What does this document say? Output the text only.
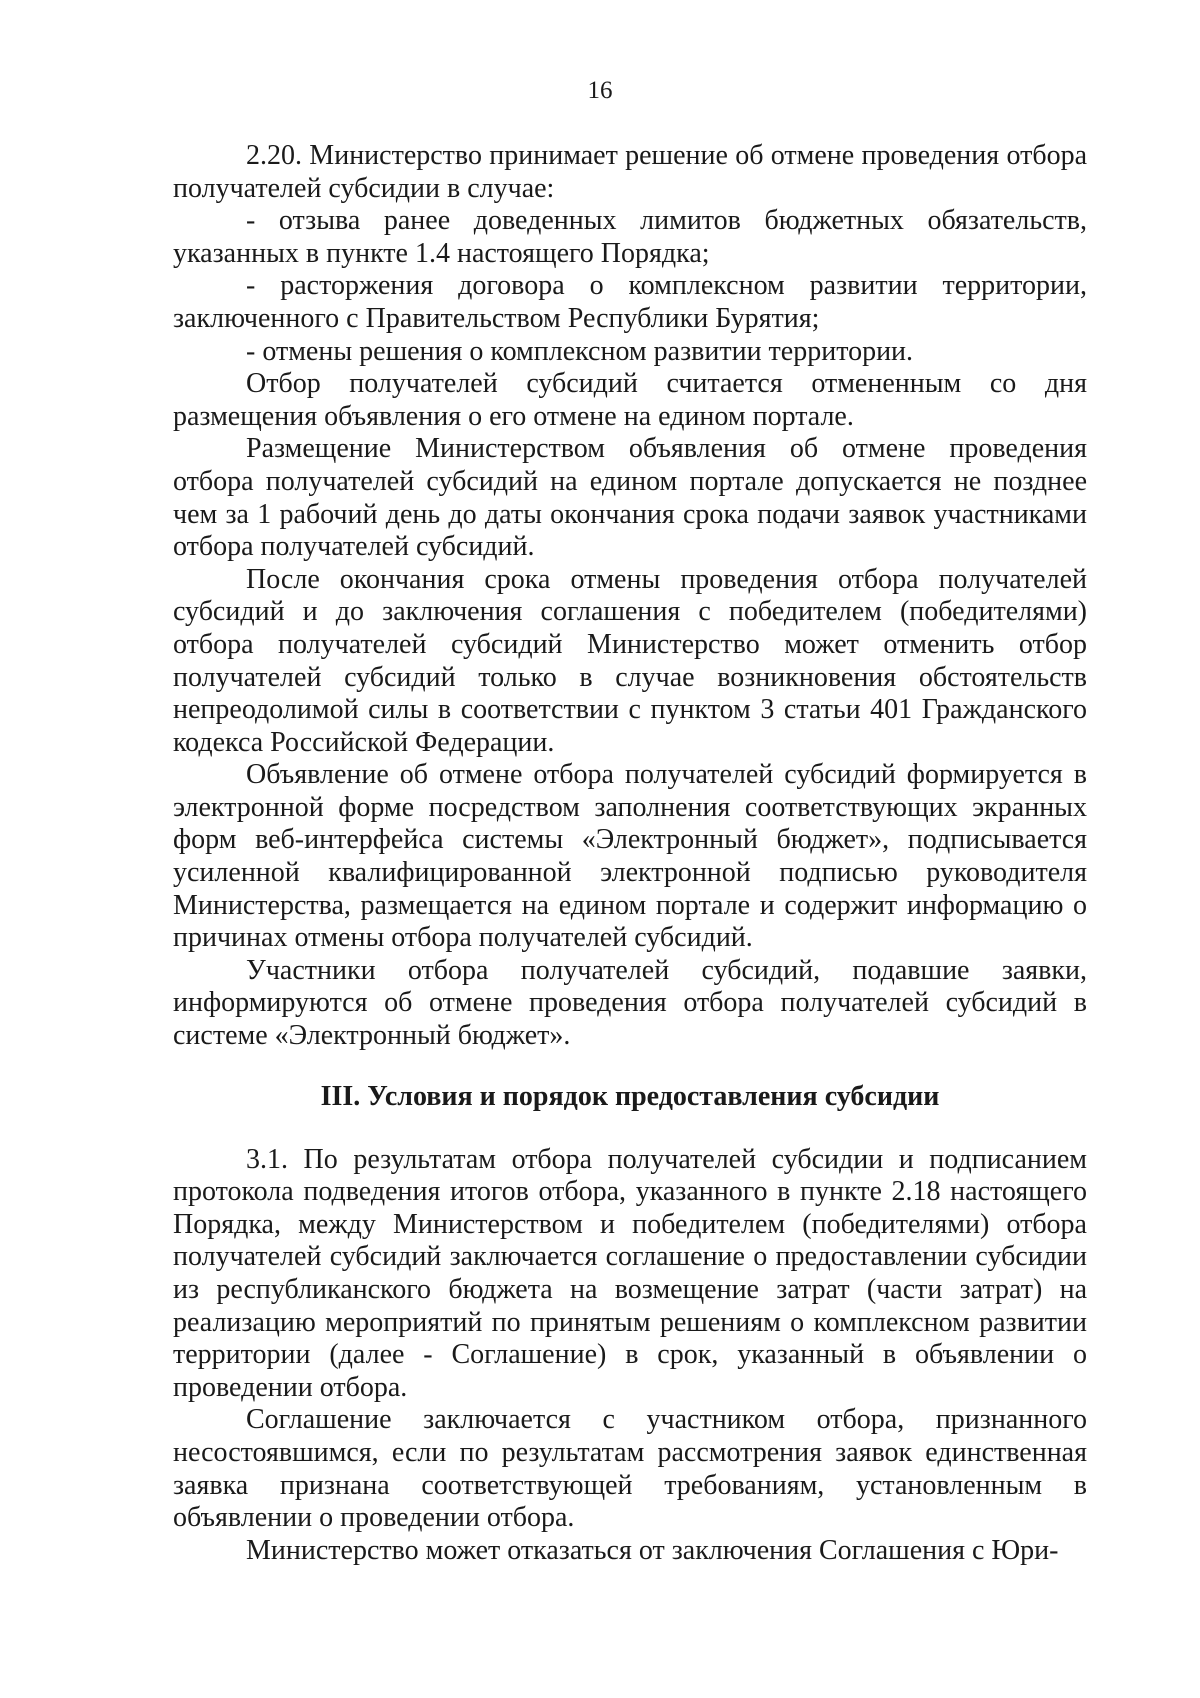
16

2.20. Министерство принимает решение об отмене проведения отбора получателей субсидии в случае:

- отзыва ранее доведенных лимитов бюджетных обязательств, указанных в пункте 1.4 настоящего Порядка;

- расторжения договора о комплексном развитии территории, заключенного с Правительством Республики Бурятия;

- отмены решения о комплексном развитии территории.

Отбор получателей субсидий считается отмененным со дня размещения объявления о его отмене на едином портале.

Размещение Министерством объявления об отмене проведения отбора получателей субсидий на едином портале допускается не позднее чем за 1 рабочий день до даты окончания срока подачи заявок участниками отбора получателей субсидий.

После окончания срока отмены проведения отбора получателей субсидий и до заключения соглашения с победителем (победителями) отбора получателей субсидий Министерство может отменить отбор получателей субсидий только в случае возникновения обстоятельств непреодолимой силы в соответствии с пунктом 3 статьи 401 Гражданского кодекса Российской Федерации.

Объявление об отмене отбора получателей субсидий формируется в электронной форме посредством заполнения соответствующих экранных форм веб-интерфейса системы «Электронный бюджет», подписывается усиленной квалифицированной электронной подписью руководителя Министерства, размещается на едином портале и содержит информацию о причинах отмены отбора получателей субсидий.

Участники отбора получателей субсидий, подавшие заявки, информируются об отмене проведения отбора получателей субсидий в системе «Электронный бюджет».

III. Условия и порядок предоставления субсидии

3.1. По результатам отбора получателей субсидии и подписанием протокола подведения итогов отбора, указанного в пункте 2.18 настоящего Порядка, между Министерством и победителем (победителями) отбора получателей субсидий заключается соглашение о предоставлении субсидии из республиканского бюджета на возмещение затрат (части затрат) на реализацию мероприятий по принятым решениям о комплексном развитии территории (далее - Соглашение) в срок, указанный в объявлении о проведении отбора.

Соглашение заключается с участником отбора, признанного несостоявшимся, если по результатам рассмотрения заявок единственная заявка признана соответствующей требованиям, установленным в объявлении о проведении отбора.

Министерство может отказаться от заключения Соглашения с Юри-
